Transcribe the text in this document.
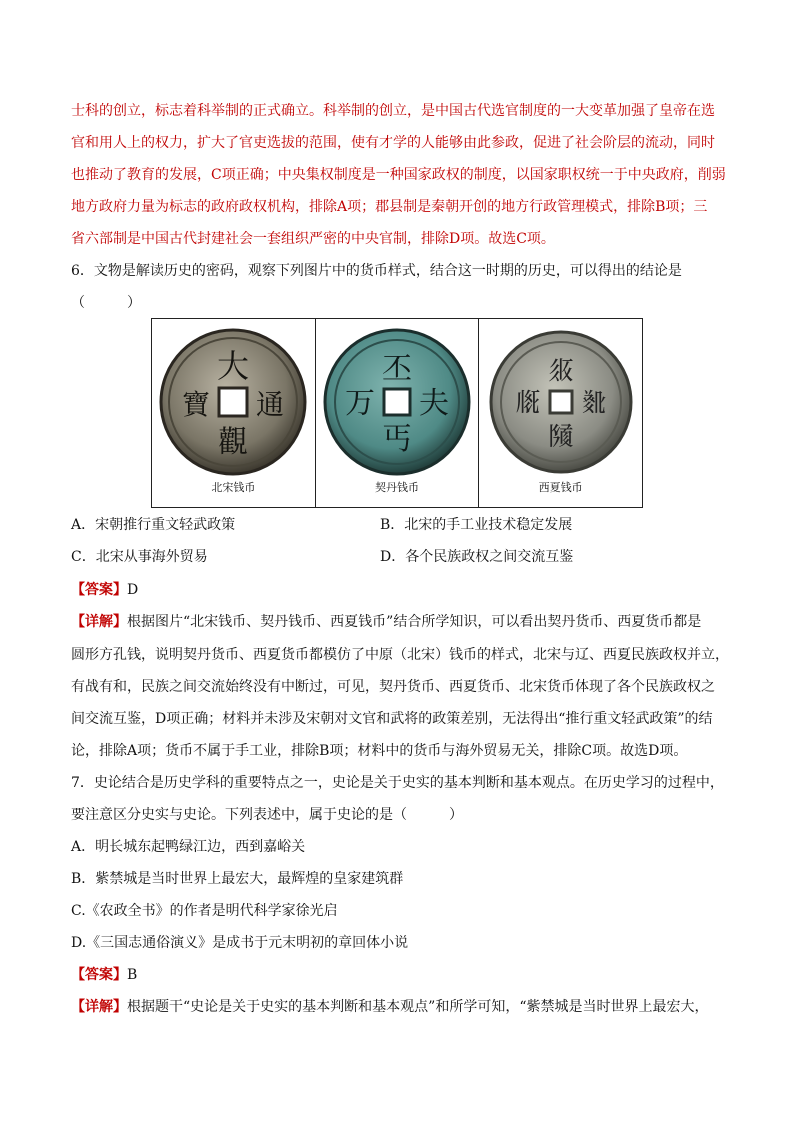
士科的创立，标志着科举制的正式确立。科举制的创立，是中国古代选官制度的一大变革加强了皇帝在选
官和用人上的权力，扩大了官吏选拔的范围，使有才学的人能够由此参政，促进了社会阶层的流动，同时
也推动了教育的发展，C项正确；中央集权制度是一种国家政权的制度，以国家职权统一于中央政府，削弱
地方政府力量为标志的政府政权机构，排除A项；郡县制是秦朝开创的地方行政管理模式，排除B项；三
省六部制是中国古代封建社会一套组织严密的中央官制，排除D项。故选C项。
6．文物是解读历史的密码，观察下列图片中的货币样式，结合这一时期的历史，可以得出的结论是
（　　　）
大
觀
通
寶
北宋钱币
丕
丐
夫
万
契丹钱币
𗼇
𗂧
𘝯
𗅋
西夏钱币
A．宋朝推行重文轻武政策	B．北宋的手工业技术稳定发展
C．北宋从事海外贸易	D．各个民族政权之间交流互鉴
【答案】D
【详解】根据图片“北宋钱币、契丹钱币、西夏钱币”结合所学知识，可以看出契丹货币、西夏货币都是
圆形方孔钱，说明契丹货币、西夏货币都模仿了中原（北宋）钱币的样式，北宋与辽、西夏民族政权并立，
有战有和，民族之间交流始终没有中断过，可见，契丹货币、西夏货币、北宋货币体现了各个民族政权之
间交流互鉴，D项正确；材料并未涉及宋朝对文官和武将的政策差别，无法得出“推行重文轻武政策”的结
论，排除A项；货币不属于手工业，排除B项；材料中的货币与海外贸易无关，排除C项。故选D项。
7．史论结合是历史学科的重要特点之一，史论是关于史实的基本判断和基本观点。在历史学习的过程中，
要注意区分史实与史论。下列表述中，属于史论的是（　　　）
A．明长城东起鸭绿江边，西到嘉峪关
B．紫禁城是当时世界上最宏大，最辉煌的皇家建筑群
C.《农政全书》的作者是明代科学家徐光启
D.《三国志通俗演义》是成书于元末明初的章回体小说
【答案】B
【详解】根据题干“史论是关于史实的基本判断和基本观点”和所学可知，“紫禁城是当时世界上最宏大，
